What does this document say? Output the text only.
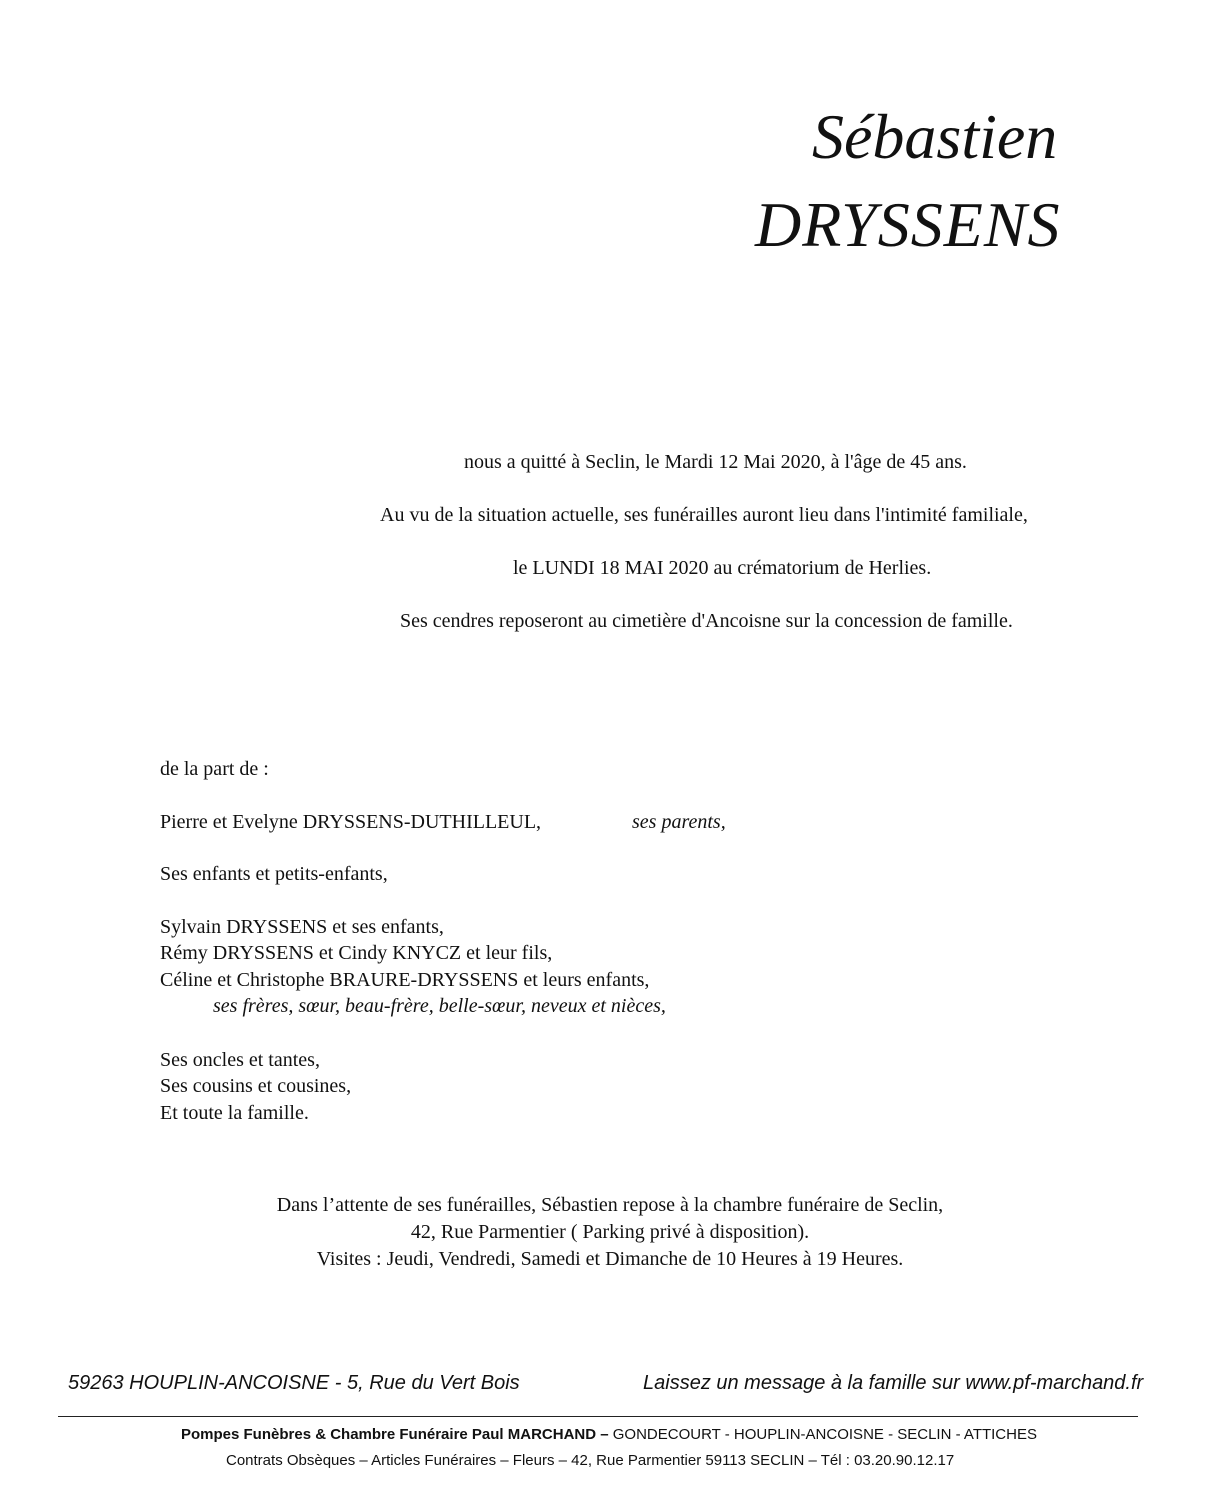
Sébastien
DRYSSENS
nous a quitté à Seclin, le Mardi 12 Mai 2020, à l'âge de 45 ans.
Au vu de la situation actuelle, ses funérailles auront lieu dans l'intimité familiale,
le LUNDI 18 MAI 2020 au crématorium de Herlies.
Ses cendres reposeront au cimetière d'Ancoisne sur la concession de famille.
de la part de :
Pierre et Evelyne DRYSSENS-DUTHILLEUL,	ses parents,
Ses enfants et petits-enfants,
Sylvain DRYSSENS et ses enfants,
Rémy DRYSSENS et Cindy KNYCZ et leur fils,
Céline et Christophe BRAURE-DRYSSENS et leurs enfants,
ses frères, sœur, beau-frère, belle-sœur, neveux et nièces,
Ses oncles et tantes,
Ses cousins et cousines,
Et toute la famille.
Dans l’attente de ses funérailles, Sébastien repose à la chambre funéraire de Seclin,
42, Rue Parmentier ( Parking privé à disposition).
Visites : Jeudi, Vendredi, Samedi et Dimanche de 10 Heures à 19 Heures.
59263 HOUPLIN-ANCOISNE - 5, Rue du Vert Bois	Laissez un message à la famille sur www.pf-marchand.fr
Pompes Funèbres & Chambre Funéraire Paul MARCHAND – GONDECOURT - HOUPLIN-ANCOISNE - SECLIN - ATTICHES
Contrats Obsèques – Articles Funéraires – Fleurs – 42, Rue Parmentier 59113 SECLIN – Tél : 03.20.90.12.17
